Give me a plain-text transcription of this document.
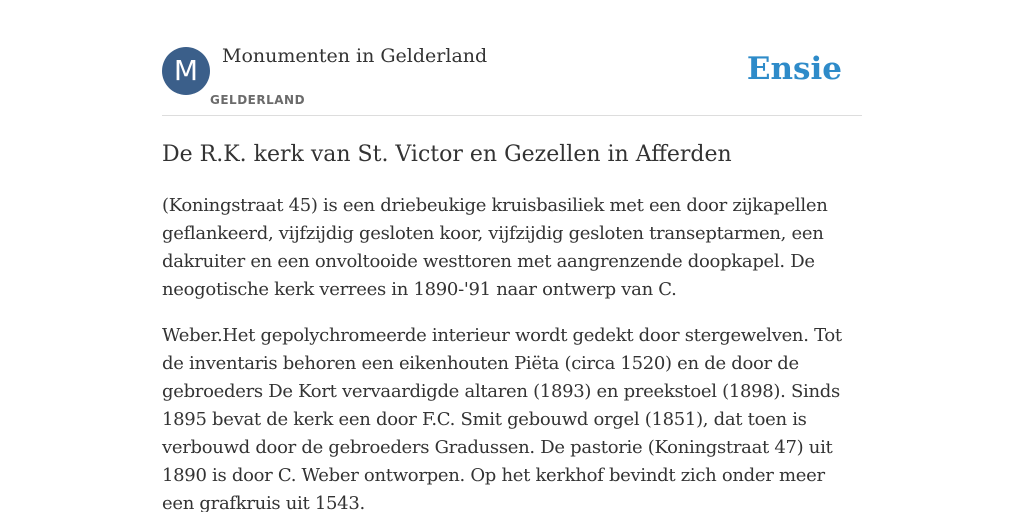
M	Monumenten in Gelderland
GELDERLAND
Ensie
De R.K. kerk van St. Victor en Gezellen in Afferden

(Koningstraat 45) is een driebeukige kruisbasiliek met een door zijkapellen geflankeerd, vijfzijdig gesloten koor, vijfzijdig gesloten transeptarmen, een dakruiter en een onvoltooide westtoren met aangrenzende doopkapel. De neogotische kerk verrees in 1890-'91 naar ontwerp van C.

Weber.Het gepolychromeerde interieur wordt gedekt door stergewelven. Tot de inventaris behoren een eikenhouten Piëta (circa 1520) en de door de gebroeders De Kort vervaardigde altaren (1893) en preekstoel (1898). Sinds 1895 bevat de kerk een door F.C. Smit gebouwd orgel (1851), dat toen is verbouwd door de gebroeders Gradussen. De pastorie (Koningstraat 47) uit 1890 is door C. Weber ontworpen. Op het kerkhof bevindt zich onder meer een grafkruis uit 1543.
